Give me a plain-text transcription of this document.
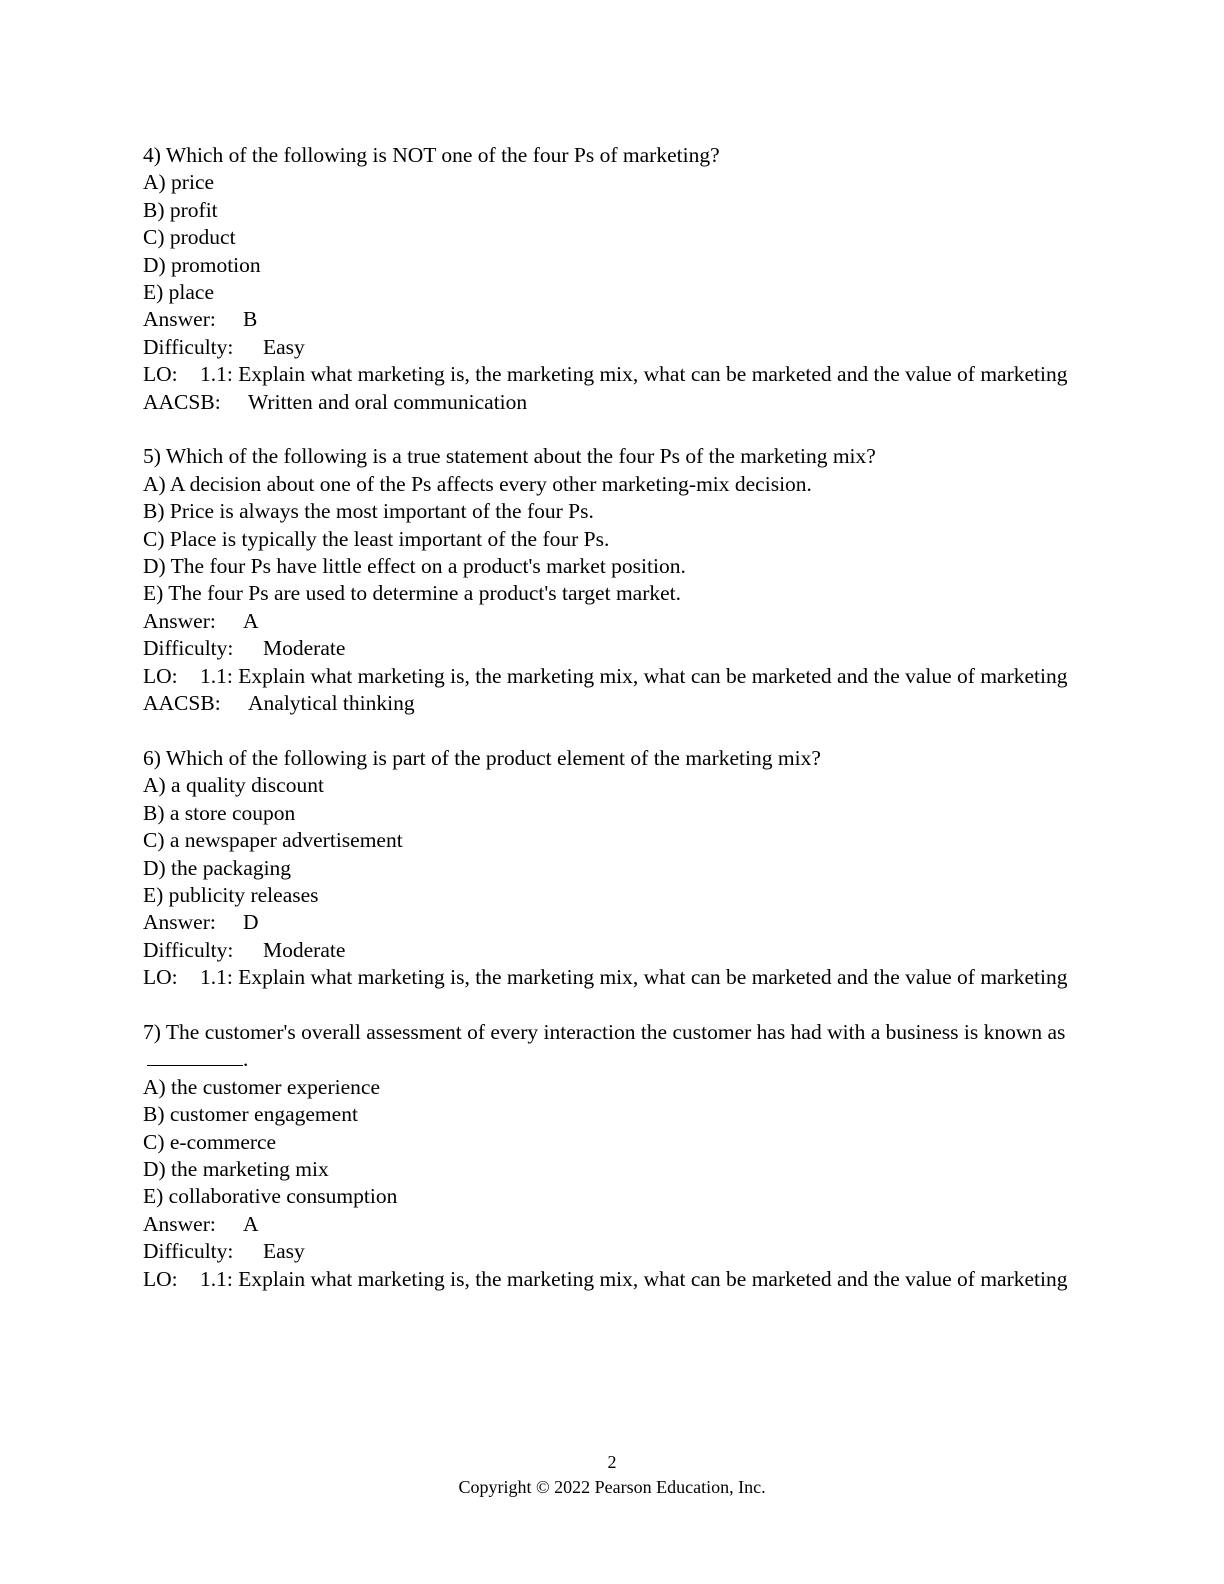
4) Which of the following is NOT one of the four Ps of marketing?
A) price
B) profit
C) product
D) promotion
E) place
Answer: B
Difficulty: Easy
LO: 1.1: Explain what marketing is, the marketing mix, what can be marketed and the value of marketing
AACSB: Written and oral communication
5) Which of the following is a true statement about the four Ps of the marketing mix?
A) A decision about one of the Ps affects every other marketing-mix decision.
B) Price is always the most important of the four Ps.
C) Place is typically the least important of the four Ps.
D) The four Ps have little effect on a product's market position.
E) The four Ps are used to determine a product's target market.
Answer: A
Difficulty: Moderate
LO: 1.1: Explain what marketing is, the marketing mix, what can be marketed and the value of marketing
AACSB: Analytical thinking
6) Which of the following is part of the product element of the marketing mix?
A) a quality discount
B) a store coupon
C) a newspaper advertisement
D) the packaging
E) publicity releases
Answer: D
Difficulty: Moderate
LO: 1.1: Explain what marketing is, the marketing mix, what can be marketed and the value of marketing
7) The customer's overall assessment of every interaction the customer has had with a business is known as.
A) the customer experience
B) customer engagement
C) e-commerce
D) the marketing mix
E) collaborative consumption
Answer: A
Difficulty: Easy
LO: 1.1: Explain what marketing is, the marketing mix, what can be marketed and the value of marketing
2
Copyright © 2022 Pearson Education, Inc.
